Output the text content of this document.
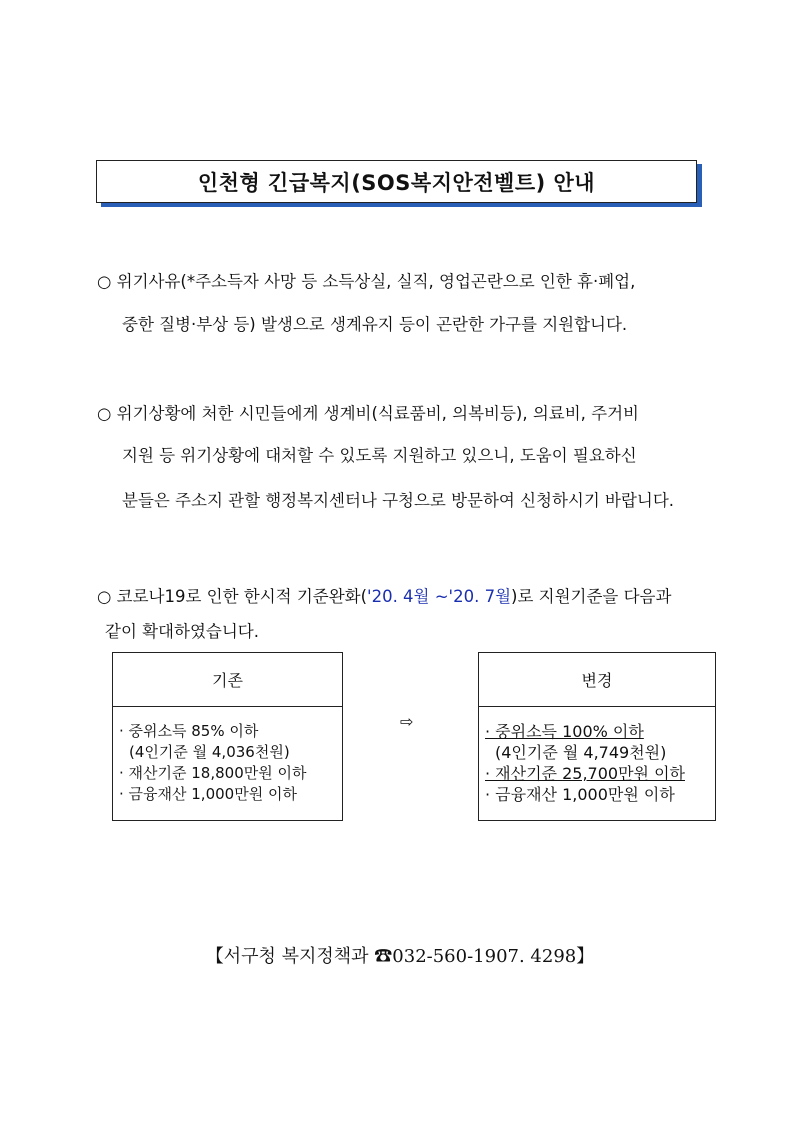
인천형 긴급복지(SOS복지안전벨트) 안내
○ 위기사유(*주소득자 사망 등 소득상실, 실직, 영업곤란으로 인한 휴·폐업,
중한 질병·부상 등) 발생으로 생계유지 등이 곤란한 가구를 지원합니다.
○ 위기상황에 처한 시민들에게 생계비(식료품비, 의복비등), 의료비, 주거비
지원 등 위기상황에 대처할 수 있도록 지원하고 있으니, 도움이 필요하신
분들은 주소지 관할 행정복지센터나 구청으로 방문하여 신청하시기 바랍니다.
○ 코로나19로 인한 한시적 기준완화('20. 4월 ~'20. 7월)로 지원기준을 다음과
같이 확대하였습니다.
기존
· 중위소득 85% 이하
(4인기준 월 4,036천원)
· 재산기준 18,800만원 이하
· 금융재산 1,000만원 이하
⇨
변경
· 중위소득 100% 이하
(4인기준 월 4,749천원)
· 재산기준 25,700만원 이하
· 금융재산 1,000만원 이하
【서구청 복지정책과 ☎032-560-1907. 4298】
